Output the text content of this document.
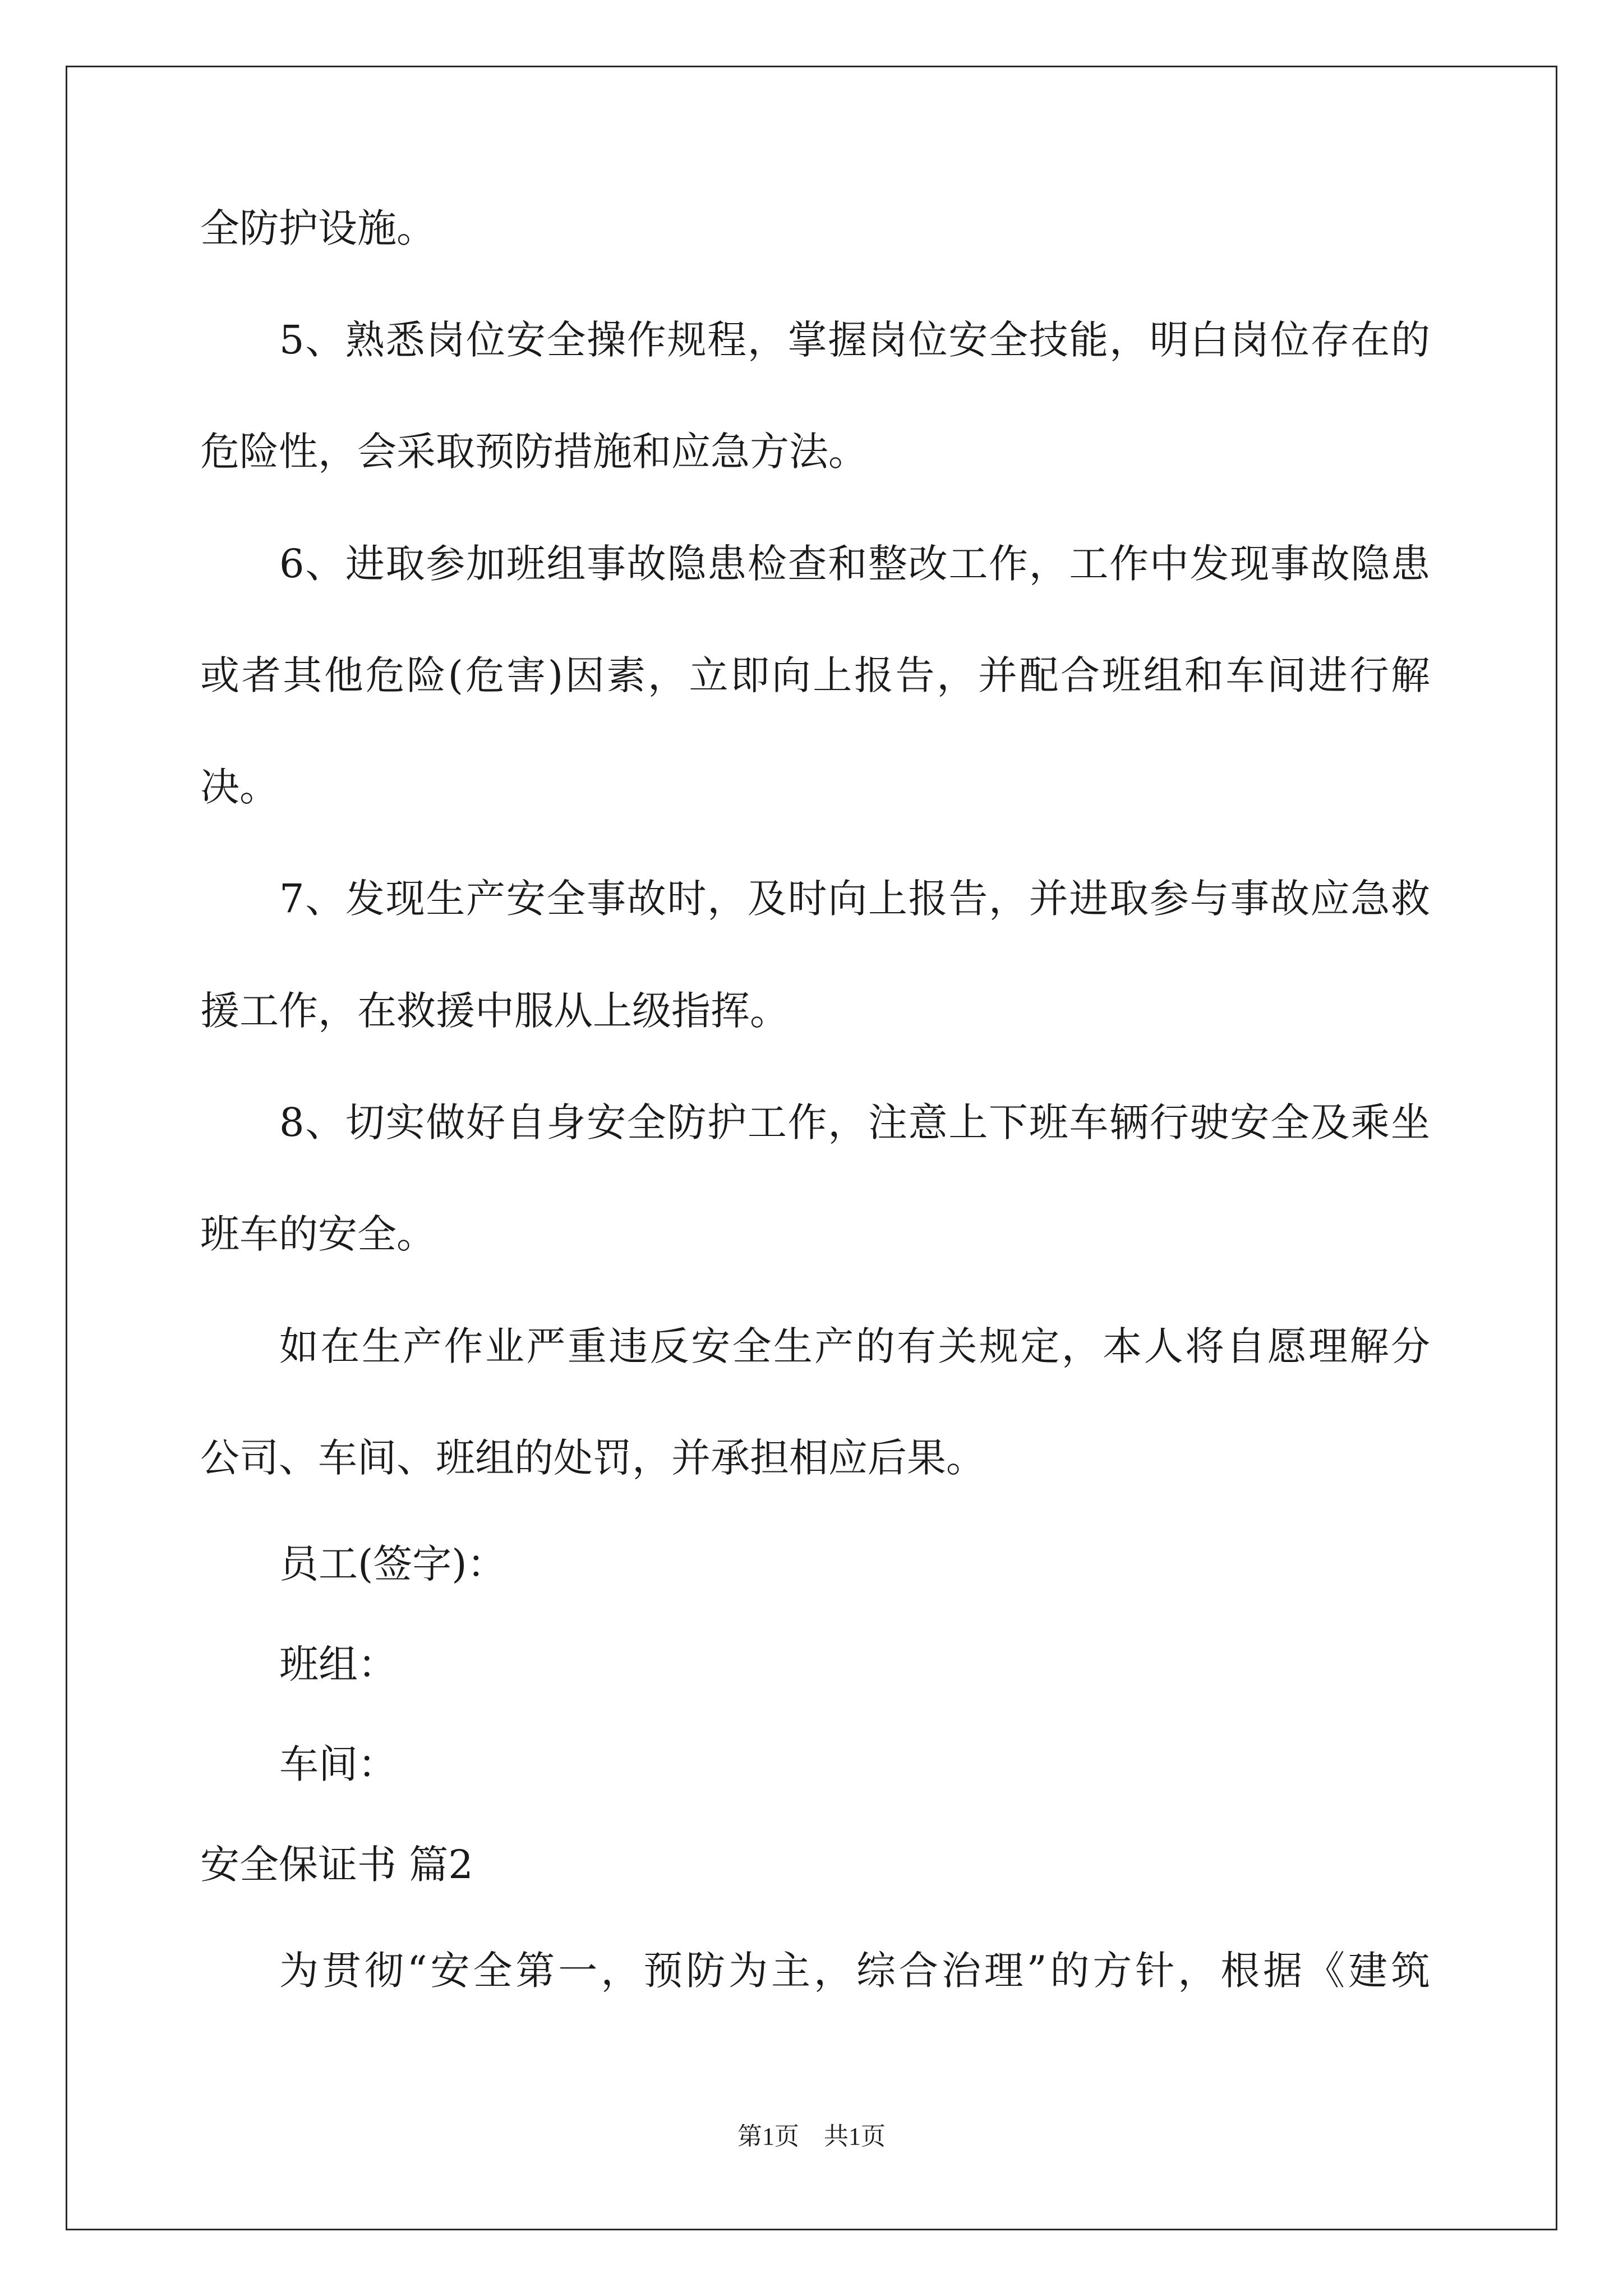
全防护设施。
5、熟悉岗位安全操作规程，掌握岗位安全技能，明白岗位存在的
危险性，会采取预防措施和应急方法。
6、进取参加班组事故隐患检查和整改工作，工作中发现事故隐患
或者其他危险(危害)因素，立即向上报告，并配合班组和车间进行解
决。
7、发现生产安全事故时，及时向上报告，并进取参与事故应急救
援工作，在救援中服从上级指挥。
8、切实做好自身安全防护工作，注意上下班车辆行驶安全及乘坐
班车的安全。
如在生产作业严重违反安全生产的有关规定，本人将自愿理解分
公司、车间、班组的处罚，并承担相应后果。
员工(签字)：
班组：
车间：
安全保证书 篇2
为贯彻“安全第一，预防为主，综合治理”的方针，根据《建筑
第1页　共1页
